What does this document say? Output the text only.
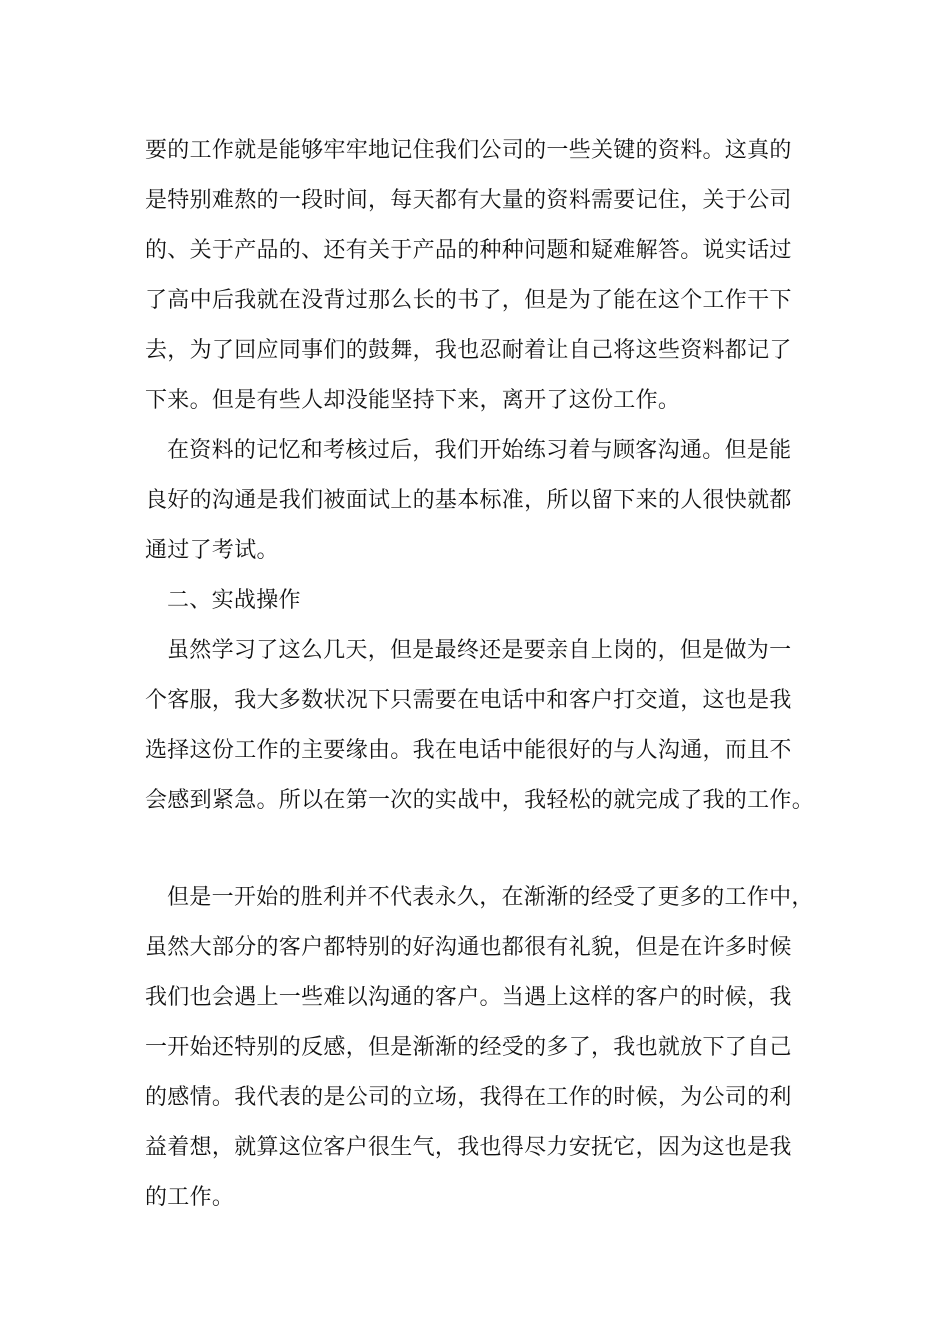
要的工作就是能够牢牢地记住我们公司的一些关键的资料。这真的
是特别难熬的一段时间，每天都有大量的资料需要记住，关于公司
的、关于产品的、还有关于产品的种种问题和疑难解答。说实话过
了高中后我就在没背过那么长的书了，但是为了能在这个工作干下
去，为了回应同事们的鼓舞，我也忍耐着让自己将这些资料都记了
下来。但是有些人却没能坚持下来，离开了这份工作。
在资料的记忆和考核过后，我们开始练习着与顾客沟通。但是能
良好的沟通是我们被面试上的基本标准，所以留下来的人很快就都
通过了考试。
二、实战操作
虽然学习了这么几天，但是最终还是要亲自上岗的，但是做为一
个客服，我大多数状况下只需要在电话中和客户打交道，这也是我
选择这份工作的主要缘由。我在电话中能很好的与人沟通，而且不
会感到紧急。所以在第一次的实战中，我轻松的就完成了我的工作。
但是一开始的胜利并不代表永久，在渐渐的经受了更多的工作中，
虽然大部分的客户都特别的好沟通也都很有礼貌，但是在许多时候
我们也会遇上一些难以沟通的客户。当遇上这样的客户的时候，我
一开始还特别的反感，但是渐渐的经受的多了，我也就放下了自己
的感情。我代表的是公司的立场，我得在工作的时候，为公司的利
益着想，就算这位客户很生气，我也得尽力安抚它，因为这也是我
的工作。
